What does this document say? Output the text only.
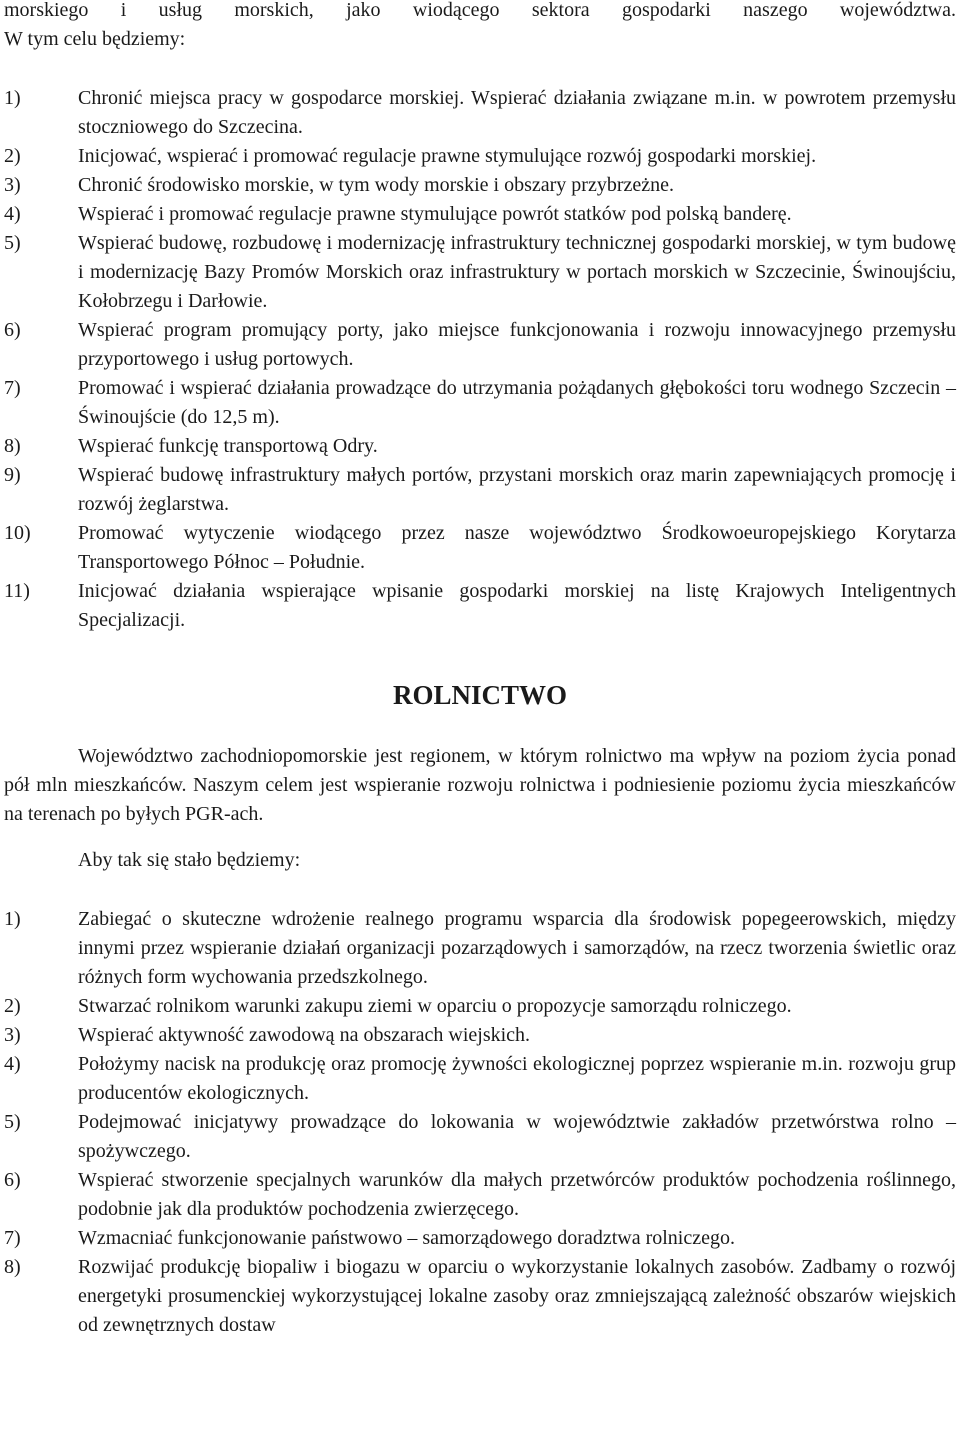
morskiego i usług morskich, jako wiodącego sektora gospodarki naszego województwa.

W tym celu będziemy:

1)	Chronić miejsca pracy w gospodarce morskiej. Wspierać działania związane m.in. w powrotem przemysłu stoczniowego do Szczecina.
2)	Inicjować, wspierać i promować regulacje prawne stymulujące rozwój gospodarki morskiej.
3)	Chronić środowisko morskie, w tym wody morskie i obszary przybrzeżne.
4)	Wspierać i promować regulacje prawne stymulujące powrót statków pod polską banderę.
5)	Wspierać budowę, rozbudowę i modernizację infrastruktury technicznej gospodarki morskiej, w tym budowę i modernizację Bazy Promów Morskich oraz infrastruktury w portach morskich w Szczecinie, Świnoujściu, Kołobrzegu i Darłowie.
6)	Wspierać program promujący porty, jako miejsce funkcjonowania i rozwoju innowacyjnego przemysłu przyportowego i usług portowych.
7)	Promować i wspierać działania prowadzące do utrzymania pożądanych głębokości toru wodnego Szczecin – Świnoujście (do 12,5 m).
8)	Wspierać funkcję transportową Odry.
9)	Wspierać budowę infrastruktury małych portów, przystani morskich oraz marin zapewniających promocję i rozwój żeglarstwa.
10)	Promować wytyczenie wiodącego przez nasze województwo Środkowoeuropejskiego Korytarza Transportowego Północ – Południe.
11)	Inicjować działania wspierające wpisanie gospodarki morskiej na listę Krajowych Inteligentnych Specjalizacji.
ROLNICTWO

Województwo zachodniopomorskie jest regionem, w którym rolnictwo ma wpływ na poziom życia ponad pół mln mieszkańców. Naszym celem jest wspieranie rozwoju rolnictwa i podniesienie poziomu życia mieszkańców na terenach po byłych PGR-ach.

Aby tak się stało będziemy:

1)	Zabiegać o skuteczne wdrożenie realnego programu wsparcia dla środowisk popegeerowskich, między innymi przez wspieranie działań organizacji pozarządowych i samorządów, na rzecz tworzenia świetlic oraz różnych form wychowania przedszkolnego.
2)	Stwarzać rolnikom warunki zakupu ziemi w oparciu o propozycje samorządu rolniczego.
3)	Wspierać aktywność zawodową na obszarach wiejskich.
4)	Położymy nacisk na produkcję oraz promocję żywności ekologicznej poprzez wspieranie m.in. rozwoju grup producentów ekologicznych.
5)	Podejmować inicjatywy prowadzące do lokowania w województwie zakładów przetwórstwa rolno – spożywczego.
6)	Wspierać stworzenie specjalnych warunków dla małych przetwórców produktów pochodzenia roślinnego, podobnie jak dla produktów pochodzenia zwierzęcego.
7)	Wzmacniać funkcjonowanie państwowo – samorządowego doradztwa rolniczego.
8)	Rozwijać produkcję biopaliw i biogazu w oparciu o wykorzystanie lokalnych zasobów. Zadbamy o rozwój energetyki prosumenckiej wykorzystującej lokalne zasoby oraz zmniejszającą zależność obszarów wiejskich od zewnętrznych dostaw
